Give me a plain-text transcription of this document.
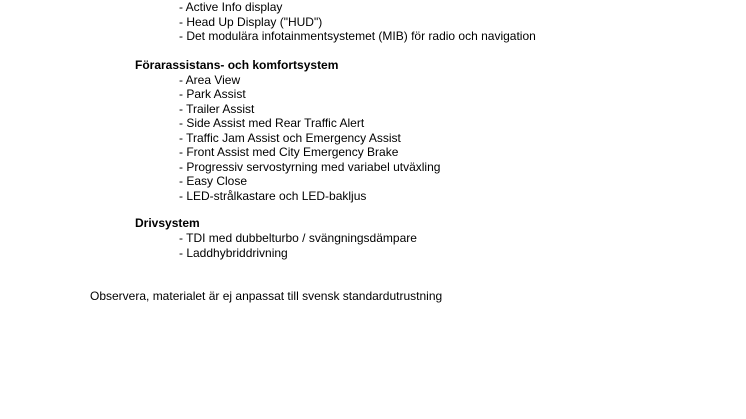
- Active Info display
- Head Up Display ("HUD")
- Det modulära infotainmentsystemet (MIB) för radio och navigation
Förarassistans- och komfortsystem
- Area View
- Park Assist
- Trailer Assist
- Side Assist med Rear Traffic Alert
- Traffic Jam Assist och Emergency Assist
- Front Assist med City Emergency Brake
- Progressiv servostyrning med variabel utväxling
- Easy Close
- LED-strålkastare och LED-bakljus
Drivsystem
- TDI med dubbelturbo / svängningsdämpare
- Laddhybriddrivning
Observera, materialet är ej anpassat till svensk standardutrustning
